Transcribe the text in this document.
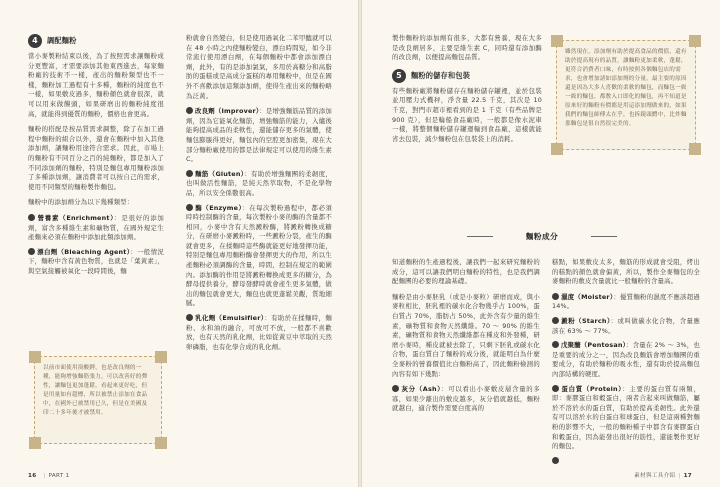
4	調配麵粉

當小麥製粉結束以後，為了按照需求讓麵粉成分更豐富，才需要添加其他東西進去，每家麵粉廠的技術不一樣，產出的麵粉類型也不一樣，麵粉加工過程有十多種，麵粉的純度也不一樣，如果敷皮過多，麵粉顏色就會很深，就可以用來做饅頭，如果研磨出的麵粉純度很高，就能得到優質的麵粉，價格也會更高。

麵粉的搭配是按品質需求調整，除了在加工過程中麵粉的組合以外，還會在麵粉中加入其他添加劑，讓麵粉用途符合需求。因此，市場上的麵粉有不同百分之百的純麵粉，都是加入了不同添加劑的麵粉，特別是麵包專用麵粉添加了多種添加劑，讓消費者可以按自己的需求，使用不同類型的麵粉製作麵包。

麵粉中的添加劑分為以下幾種類型：

營養素（Enrichment）：是很好的添加劑，富含多種維生素和礦物質，在國外規定生產麵來必須在麵粉中添加此類添加劑。
漂白劑（Bleaching Agent）：一般情況下，麵粉中含有黃色物質，也就是「葉黃素」，與空氣接觸被氧化一段時間後，麵
以前市面使用溴酸鉀，也是改良劑的一種，能夠增強麵筋張力，可以改善好的彈性，讓麵包更加蓬鬆，看起來更好吃，但是用量如有超標，所以被禁止添加在食品中，在國外已被禁用已久，但是在美國及印二十多年後才被禁用。

粉就會自然變白，但是使用過氧化二苯甲醯就可以在 48 小時之內使麵粉變白，漂白時間短，如今非常流行使用漂白劑，在每個麵粉中都會添加漂白劑，此外，有的是添加氯氣，多用於高糖分和高脂肪的蛋糕或是高成分蛋糕的專用麵粉中，但是在國外不喜歡添加這類添加劑，使得生產出來的麵粉略為泛黃。

改良劑（Improver）：是增強麵筋品質的添加劑，因為它能氧化麵筋，增強麵筋的能力，入爐後能夠提高成品的柔軟性，還能儲存更多的氣體，使麵包膨脹得更好，麵包內的空腔更加密集，現在大部分麵粉廠使用的都是法律規定可以使用的維生素 C。
麵筋（Gluten）：有助於增強麵團的柔韌度，也叫做活性麵筋，是純天然萃取物，不是化學物品，所以安全係數很高。
酶（Enzyme）：在每次製粉過程中，都必須時時控制酶的含量，每次製粉小麥的酶的含量都不相同，小麥中含有天然澱粉酶，將澱粉轉換成糖分，在研磨小麥澱粉時，一些澱粉分裂，產生的酶就會更多，在揉麵時這些酶就能更好地發揮功能，特別是麵包專用麵粉酶會發揮更大的作用，所以生產麵粉必須調酶的含量，時間，控制在規定的範圍內。添加酶的作用是將澱粉轉換成更多的糖分，為酵母提供養分，酵母發酵時就會產生更多氣體，做出的麵包就會更大，麵包也就更蓬鬆美觀，質地細膩。
乳化劑（Emulsifier）：有助於在揉麵時，麵粉、水和油的融合，可放可不放，一般都不喜歡放，也有天然的乳化劑，比如從黃豆中萃取的天然卵磷脂，也有化學合成的乳化劑。
16 | PART 1

製作麵粉的添加劑有很多，大都有營養，現在大多是改良劑居多，主要是維生素 C，同時還有添加酶的改良劑，以便提高麵包品質。

5	麵粉的儲存和包裝

有些麵粉廠將麵粉儲存在麵粉儲存罐裡，並於包裝並用壓力式機秤，淨含量 22.5 千克，其次是 10 千克，對門市超市裡看到的是 1 千克（有些品牌是 900 克），但是輪船食品廠時，一般都是像水泥車一樣，將整個麵粉儲存罐運輸到食品廠，這樣就能省去包裝，減少麵粉包在包裝袋上的消耗。

雖然現在，添加劑有助於提高食品的價值，還有助於提高現有的品質，讓麵粉更加柔軟，蓬鬆，更符合消費者口味，有時按照各個麵包店的需求，也會增加諸如添加劑的分量，最主要的原因還是因為大多人喜歡的柔軟的麵包，而麵包一級一級的麵包，都敷入口即化的麵包，再不知道是原來好的麵粉有價都是用這添加劑做來的，如果我們的麵包師傅太在乎，也拆鏡頭體中，比炸麵那麵包是很自然很完美的。
麵粉成分

知道麵粉的生產過程後，讓我們一起來研究麵粉的成分，這可以讓我們明白麵粉的特性，也是我們調配麵團的必要的理論基礎。

麵粉是由小麥胚乳（或是小麥粒）研磨而成，與小麥粒相比，胚乳裡的碳水化合物幾乎占 100%，蛋白質占 70%，脂肪占 50%，此外含有少量的維生素，礦物質和食物天然纖維。70 ～ 90% 的維生素，礦物質和食物天然纖維都在種皮和外發種，研磨小麥時，種皮就被去除了，只剩下胚乳或碳水化合物，蛋白質白了麵粉的成分後，就能明白為什麼全麥粉的營養價值比白麵粉高了，因此麵粉檢測的內容有如下幾點：

灰分（Ash）：可以看出小麥敷皮層含量的多寡，如果少離出的敷皮越多，灰分值就越低，麵粉就越白，適合製作需要白度高的

糕點，如果敷皮太多，麵筋的形成就會受阻，烤出的糕點的顏色就會偏黃，所以，製作全麥麵包的全麥麵粉的敷皮含量就比一般麵粉的含量高。

濕度（Moister）：優質麵粉的濕度不應該超過 14%。
澱粉（Starch）：或叫做碳水化合物，含量應該在 63% ～ 77%。
戊聚醣（Pentosan）：含量在 2% ～ 3%，也是重要的成分之一，因為改良麵筋會增加麵團的重要成分，有助於麵粉的吸水性，還有助於提高麵包內部結構的硬度。
蛋白質（Protein）：主要的蛋白質有兩類，即：麥膠蛋白和穀蛋白，兩者合起來叫做麵筋，屬於不溶於水的蛋白質，有助於提高柔韌性。此外還有可以溶於水的白蛋白和球蛋白，但是這兩種對麵粉的影響不大，一般的麵粉種子中都含有麥膠蛋白和穀蛋白，因為能發出很好的筋性，還能製作更好的麵包。
素材與工具介紹 | 17
